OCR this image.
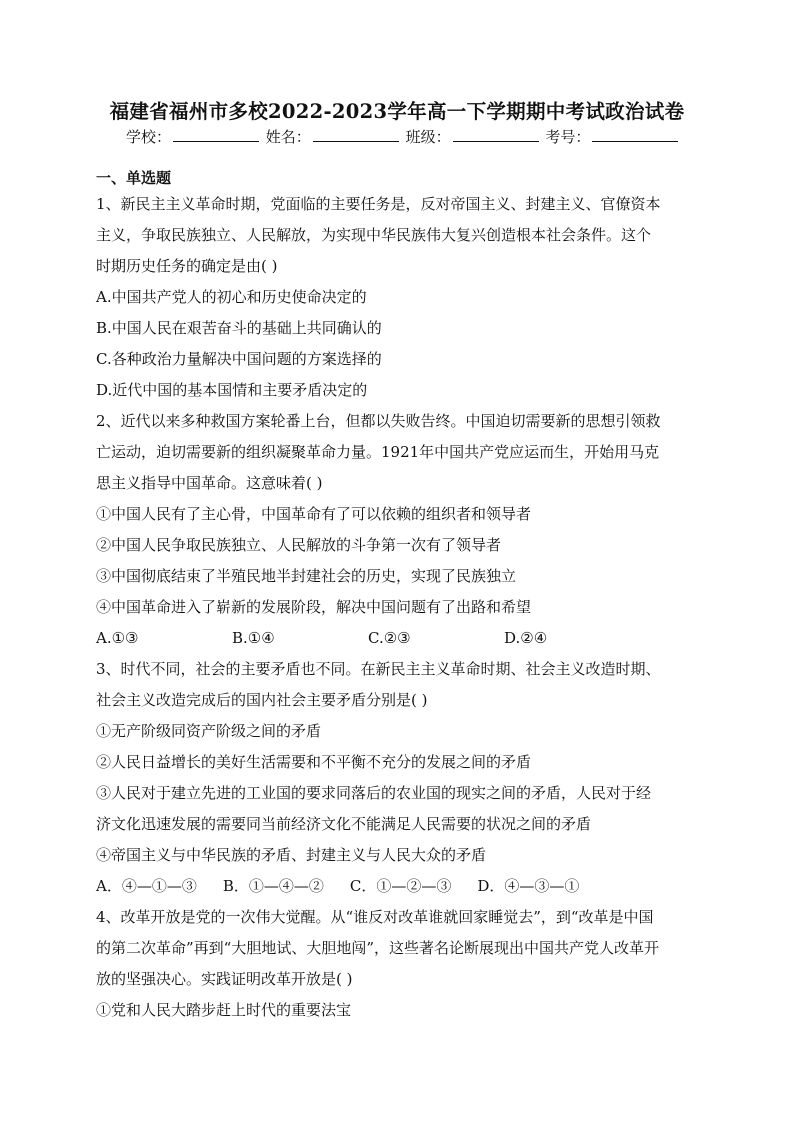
福建省福州市多校2022-2023学年高一下学期期中考试政治试卷
学校：	姓名：	班级：	考号：
一、单选题
1、新民主主义革命时期，党面临的主要任务是，反对帝国主义、封建主义、官僚资本
主义，争取民族独立、人民解放，为实现中华民族伟大复兴创造根本社会条件。这个
时期历史任务的确定是由( )
A.中国共产党人的初心和历史使命决定的
B.中国人民在艰苦奋斗的基础上共同确认的
C.各种政治力量解决中国问题的方案选择的
D.近代中国的基本国情和主要矛盾决定的
2、近代以来多种救国方案轮番上台，但都以失败告终。中国迫切需要新的思想引领救
亡运动，迫切需要新的组织凝聚革命力量。1921年中国共产党应运而生，开始用马克
思主义指导中国革命。这意味着( )
①中国人民有了主心骨，中国革命有了可以依赖的组织者和领导者
②中国人民争取民族独立、人民解放的斗争第一次有了领导者
③中国彻底结束了半殖民地半封建社会的历史，实现了民族独立
④中国革命进入了崭新的发展阶段，解决中国问题有了出路和希望
A.①③	B.①④	C.②③	D.②④
3、时代不同，社会的主要矛盾也不同。在新民主主义革命时期、社会主义改造时期、
社会主义改造完成后的国内社会主要矛盾分别是( )
①无产阶级同资产阶级之间的矛盾
②人民日益增长的美好生活需要和不平衡不充分的发展之间的矛盾
③人民对于建立先进的工业国的要求同落后的农业国的现实之间的矛盾，人民对于经
济文化迅速发展的需要同当前经济文化不能满足人民需要的状况之间的矛盾
④帝国主义与中华民族的矛盾、封建主义与人民大众的矛盾
A．④—①—③ B．①—④—② C．①—②—③ D．④—③—①
4、改革开放是党的一次伟大觉醒。从“谁反对改革谁就回家睡觉去”，到“改革是中国
的第二次革命”再到“大胆地试、大胆地闯”，这些著名论断展现出中国共产党人改革开
放的坚强决心。实践证明改革开放是( )
①党和人民大踏步赶上时代的重要法宝
